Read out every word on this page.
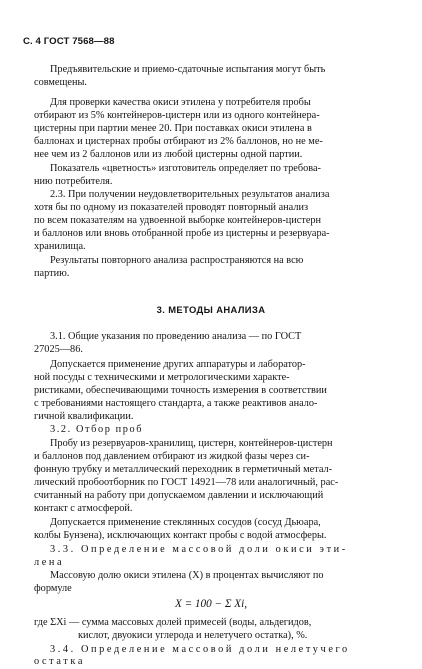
С. 4 ГОСТ 7568—88
Предъявительские и приемо-сдаточные испытания могут быть
совмещены.
Для проверки качества окиси этилена у потребителя пробы
отбирают из 5% контейнеров-цистерн или из одного контейнера-
цистерны при партии менее 20. При поставках окиси этилена в
баллонах и цистернах пробы отбирают из 2% баллонов, но не ме-
нее чем из 2 баллонов или из любой цистерны одной партии.
Показатель «цветность» изготовитель определяет по требова-
нию потребителя.
2.3. При получении неудовлетворительных результатов анализа
хотя бы по одному из показателей проводят повторный анализ
по всем показателям на удвоенной выборке контейнеров-цистерн
и баллонов или вновь отобранной пробе из цистерны и резервуара-
хранилища.
Результаты повторного анализа распространяются на всю
партию.
3. МЕТОДЫ АНАЛИЗА
3.1. Общие указания по проведению анализа — по ГОСТ
27025—86.
Допускается применение других аппаратуры и лаборатор-
ной посуды с техническими и метрологическими характе-
ристиками, обеспечивающими точность измерения в соответствии
с требованиями настоящего стандарта, а также реактивов анало-
гичной квалификации.
3.2. Отбор проб
Пробу из резервуаров-хранилищ, цистерн, контейнеров-цистерн
и баллонов под давлением отбирают из жидкой фазы через си-
фонную трубку и металлический переходник в герметичный метал-
лический пробоотборник по ГОСТ 14921—78 или аналогичный, рас-
считанный на работу при допускаемом давлении и исключающий
контакт с атмосферой.
Допускается применение стеклянных сосудов (сосуд Дьюара,
колбы Бунзена), исключающих контакт пробы с водой атмосферы.
3.3. Определение массовой доли окиси эти-
лена
Массовую долю окиси этилена (X) в процентах вычисляют по
формуле
X = 100 − Σ Xi,
где ΣXi — сумма массовых долей примесей (воды, альдегидов,
кислот, двуокиси углерода и нелетучего остатка), %.
3.4. Определение массовой доли нелетучего
остатка
